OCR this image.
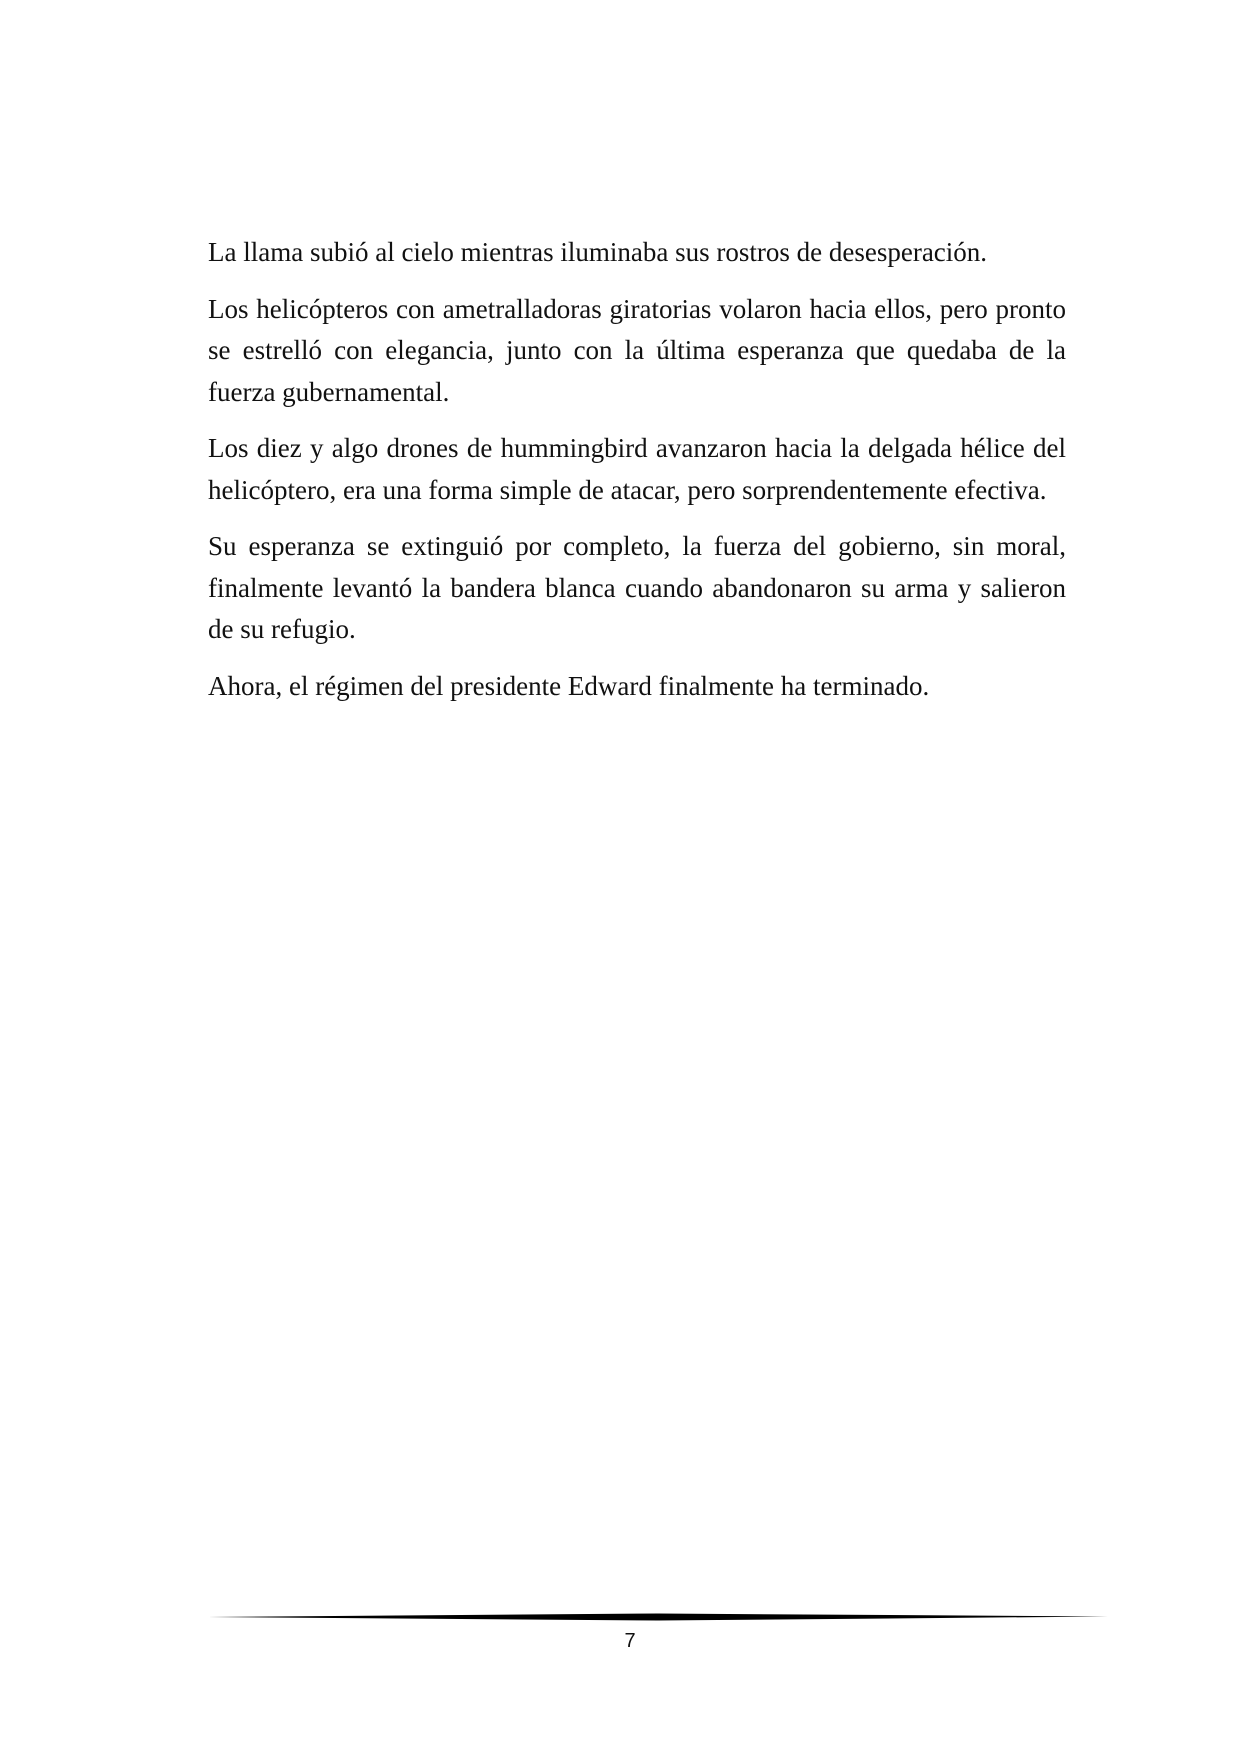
La llama subió al cielo mientras iluminaba sus rostros de desesperación.

Los helicópteros con ametralladoras giratorias volaron hacia ellos, pero pronto se estrelló con elegancia, junto con la última esperanza que quedaba de la fuerza gubernamental.

Los diez y algo drones de hummingbird avanzaron hacia la delgada hélice del helicóptero, era una forma simple de atacar, pero sorprendentemente efectiva.

Su esperanza se extinguió por completo, la fuerza del gobierno, sin moral, finalmente levantó la bandera blanca cuando abandonaron su arma y salieron de su refugio.

Ahora, el régimen del presidente Edward finalmente ha terminado.

7
